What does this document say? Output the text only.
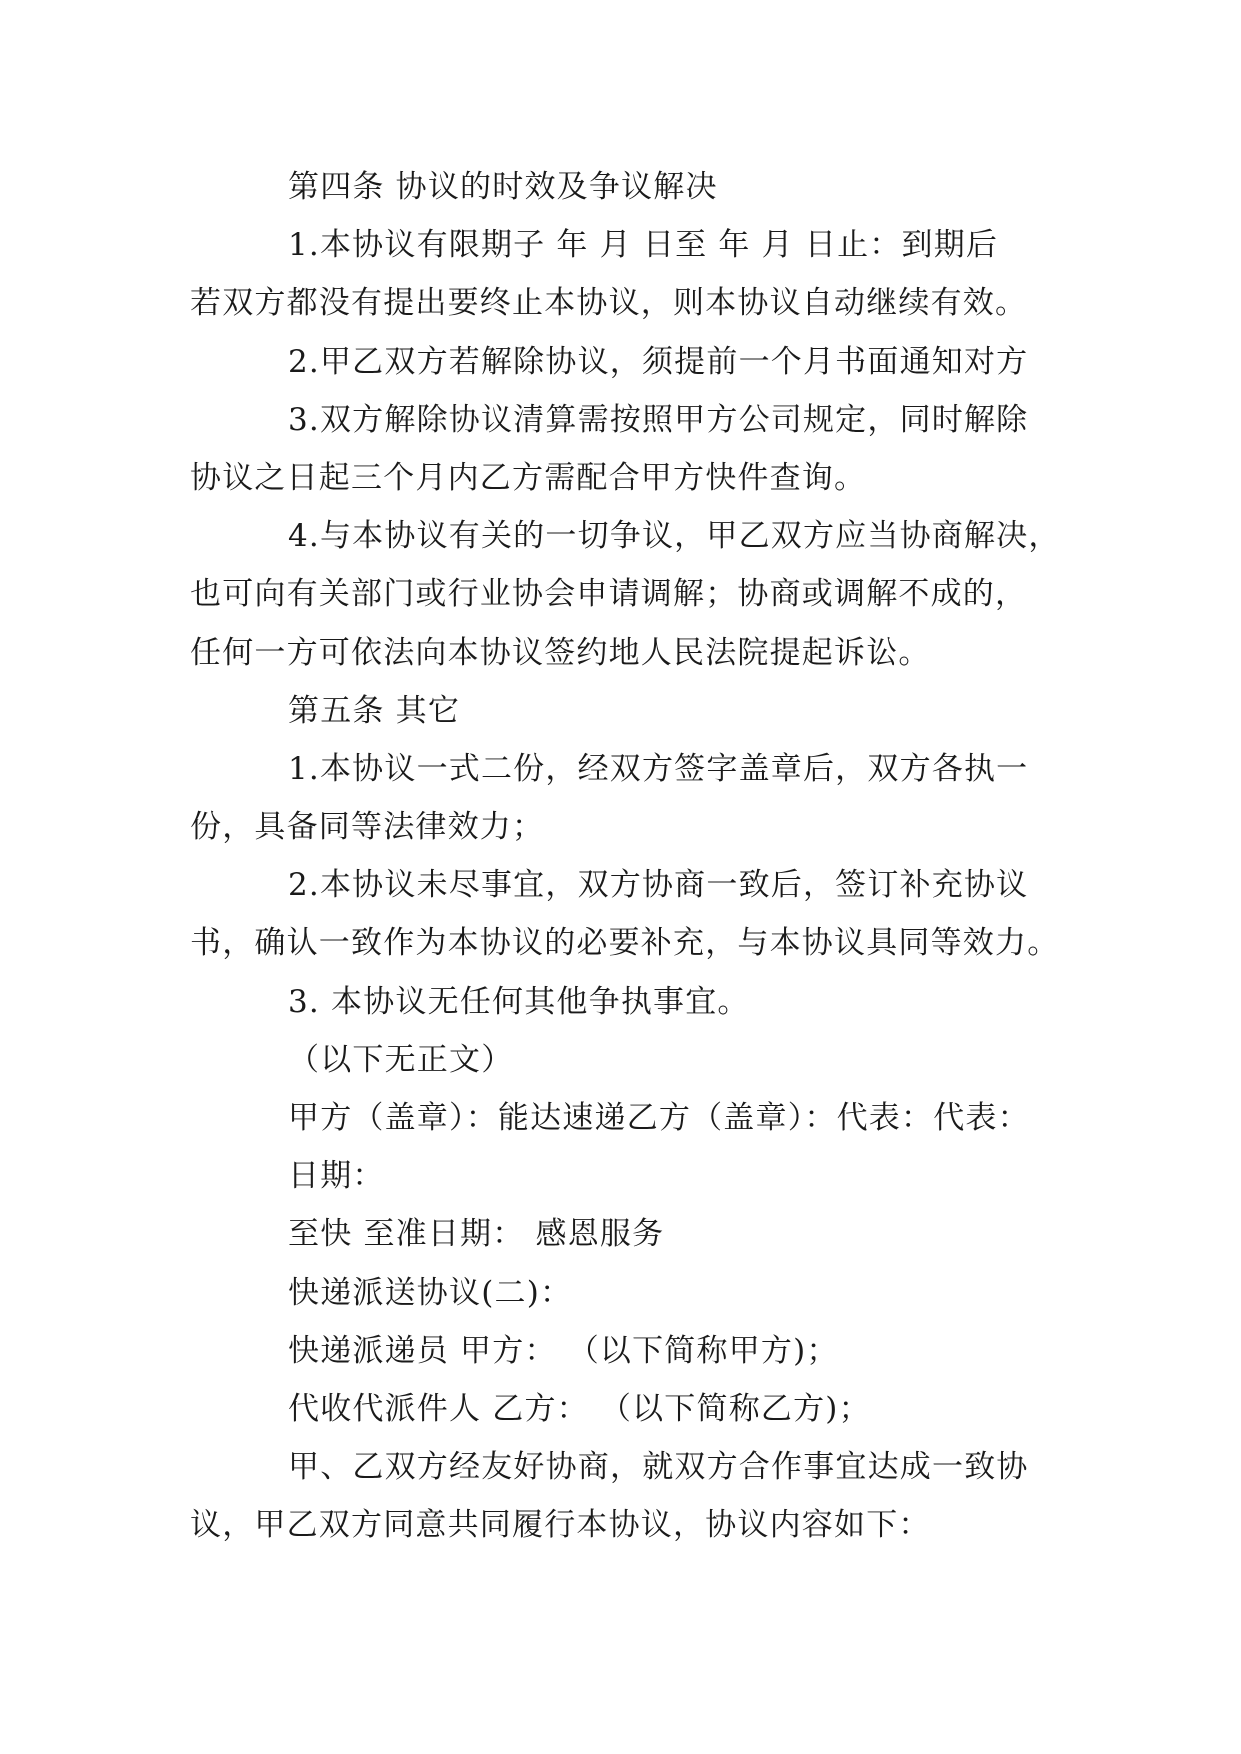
第四条 协议的时效及争议解决
1.本协议有限期子 年 月 日至 年 月 日止：到期后
若双方都没有提出要终止本协议，则本协议自动继续有效。
2.甲乙双方若解除协议，须提前一个月书面通知对方
3.双方解除协议清算需按照甲方公司规定，同时解除
协议之日起三个月内乙方需配合甲方快件查询。
4.与本协议有关的一切争议，甲乙双方应当协商解决，
也可向有关部门或行业协会申请调解；协商或调解不成的，
任何一方可依法向本协议签约地人民法院提起诉讼。
第五条 其它
1.本协议一式二份，经双方签字盖章后，双方各执一
份，具备同等法律效力；
2.本协议未尽事宜，双方协商一致后，签订补充协议
书，确认一致作为本协议的必要补充，与本协议具同等效力。
3. 本协议无任何其他争执事宜。
（以下无正文）
甲方（盖章）：能达速递乙方（盖章）：代表：代表：
日期：
至快 至准日期： 感恩服务
快递派送协议(二)：
快递派递员 甲方： （以下简称甲方)；
代收代派件人 乙方： （以下简称乙方)；
甲、乙双方经友好协商，就双方合作事宜达成一致协
议，甲乙双方同意共同履行本协议，协议内容如下：
